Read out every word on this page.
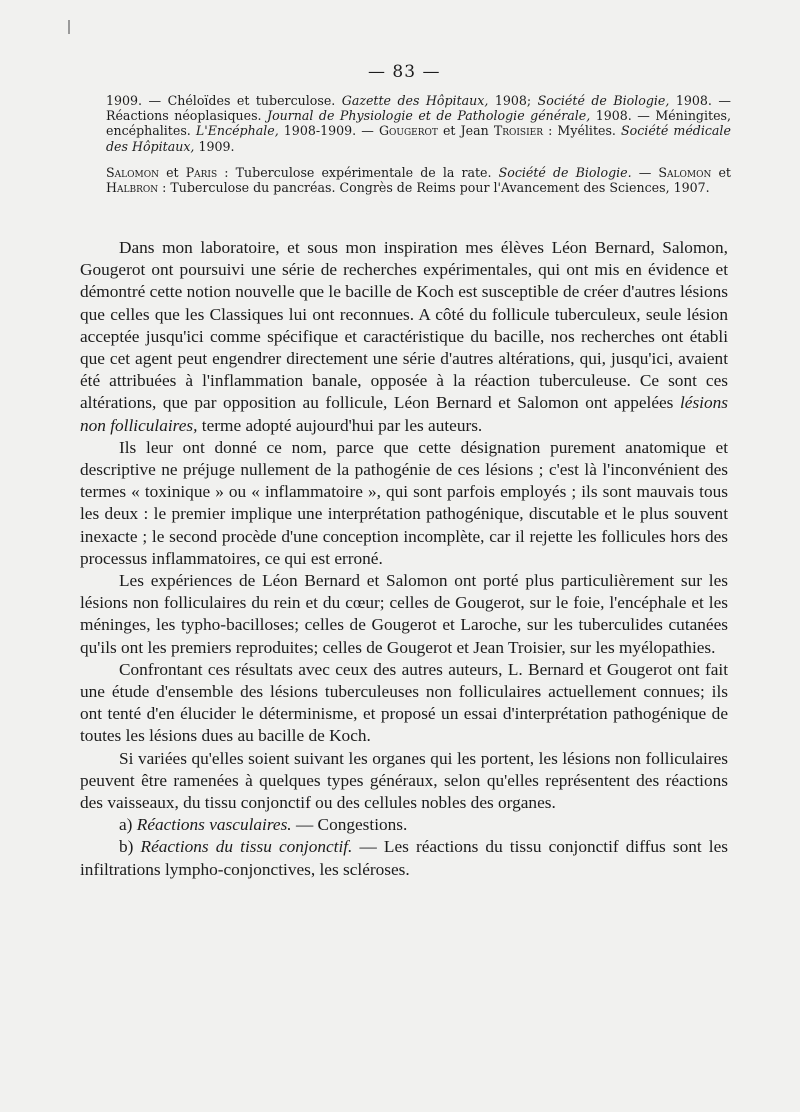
— 83 —

1909. — Chéloïdes et tuberculose. Gazette des Hôpitaux, 1908; Société de Biologie, 1908. — Réactions néoplasiques. Journal de Physiologie et de Pathologie générale, 1908. — Méningites, encéphalites. L'Encéphale, 1908-1909. — Gougerot et Jean Troisier : Myélites. Société médicale des Hôpitaux, 1909.

Salomon et Paris : Tuberculose expérimentale de la rate. Société de Biologie. — Salomon et Halbron : Tuberculose du pancréas. Congrès de Reims pour l'Avancement des Sciences, 1907.

Dans mon laboratoire, et sous mon inspiration mes élèves Léon Bernard, Salomon, Gougerot ont poursuivi une série de recherches expérimentales, qui ont mis en évidence et démontré cette notion nouvelle que le bacille de Koch est susceptible de créer d'autres lésions que celles que les Classiques lui ont reconnues. A côté du follicule tuberculeux, seule lésion acceptée jusqu'ici comme spécifique et caractéristique du bacille, nos recherches ont établi que cet agent peut engendrer directement une série d'autres altérations, qui, jusqu'ici, avaient été attribuées à l'inflammation banale, opposée à la réaction tuberculeuse. Ce sont ces altérations, que par opposition au follicule, Léon Bernard et Salomon ont appelées lésions non folliculaires, terme adopté aujourd'hui par les auteurs.

Ils leur ont donné ce nom, parce que cette désignation purement anatomique et descriptive ne préjuge nullement de la pathogénie de ces lésions ; c'est là l'inconvénient des termes « toxinique » ou « inflammatoire », qui sont parfois employés ; ils sont mauvais tous les deux : le premier implique une interprétation pathogénique, discutable et le plus souvent inexacte ; le second procède d'une conception incomplète, car il rejette les follicules hors des processus inflammatoires, ce qui est erroné.

Les expériences de Léon Bernard et Salomon ont porté plus particulièrement sur les lésions non folliculaires du rein et du cœur; celles de Gougerot, sur le foie, l'encéphale et les méninges, les typho-bacilloses; celles de Gougerot et Laroche, sur les tuberculides cutanées qu'ils ont les premiers reproduites; celles de Gougerot et Jean Troisier, sur les myélopathies.

Confrontant ces résultats avec ceux des autres auteurs, L. Bernard et Gougerot ont fait une étude d'ensemble des lésions tuberculeuses non folliculaires actuellement connues; ils ont tenté d'en élucider le déterminisme, et proposé un essai d'interprétation pathogénique de toutes les lésions dues au bacille de Koch.

Si variées qu'elles soient suivant les organes qui les portent, les lésions non folliculaires peuvent être ramenées à quelques types généraux, selon qu'elles représentent des réactions des vaisseaux, du tissu conjonctif ou des cellules nobles des organes.

a) Réactions vasculaires. — Congestions.

b) Réactions du tissu conjonctif. — Les réactions du tissu conjonctif diffus sont les infiltrations lympho-conjonctives, les scléroses.
